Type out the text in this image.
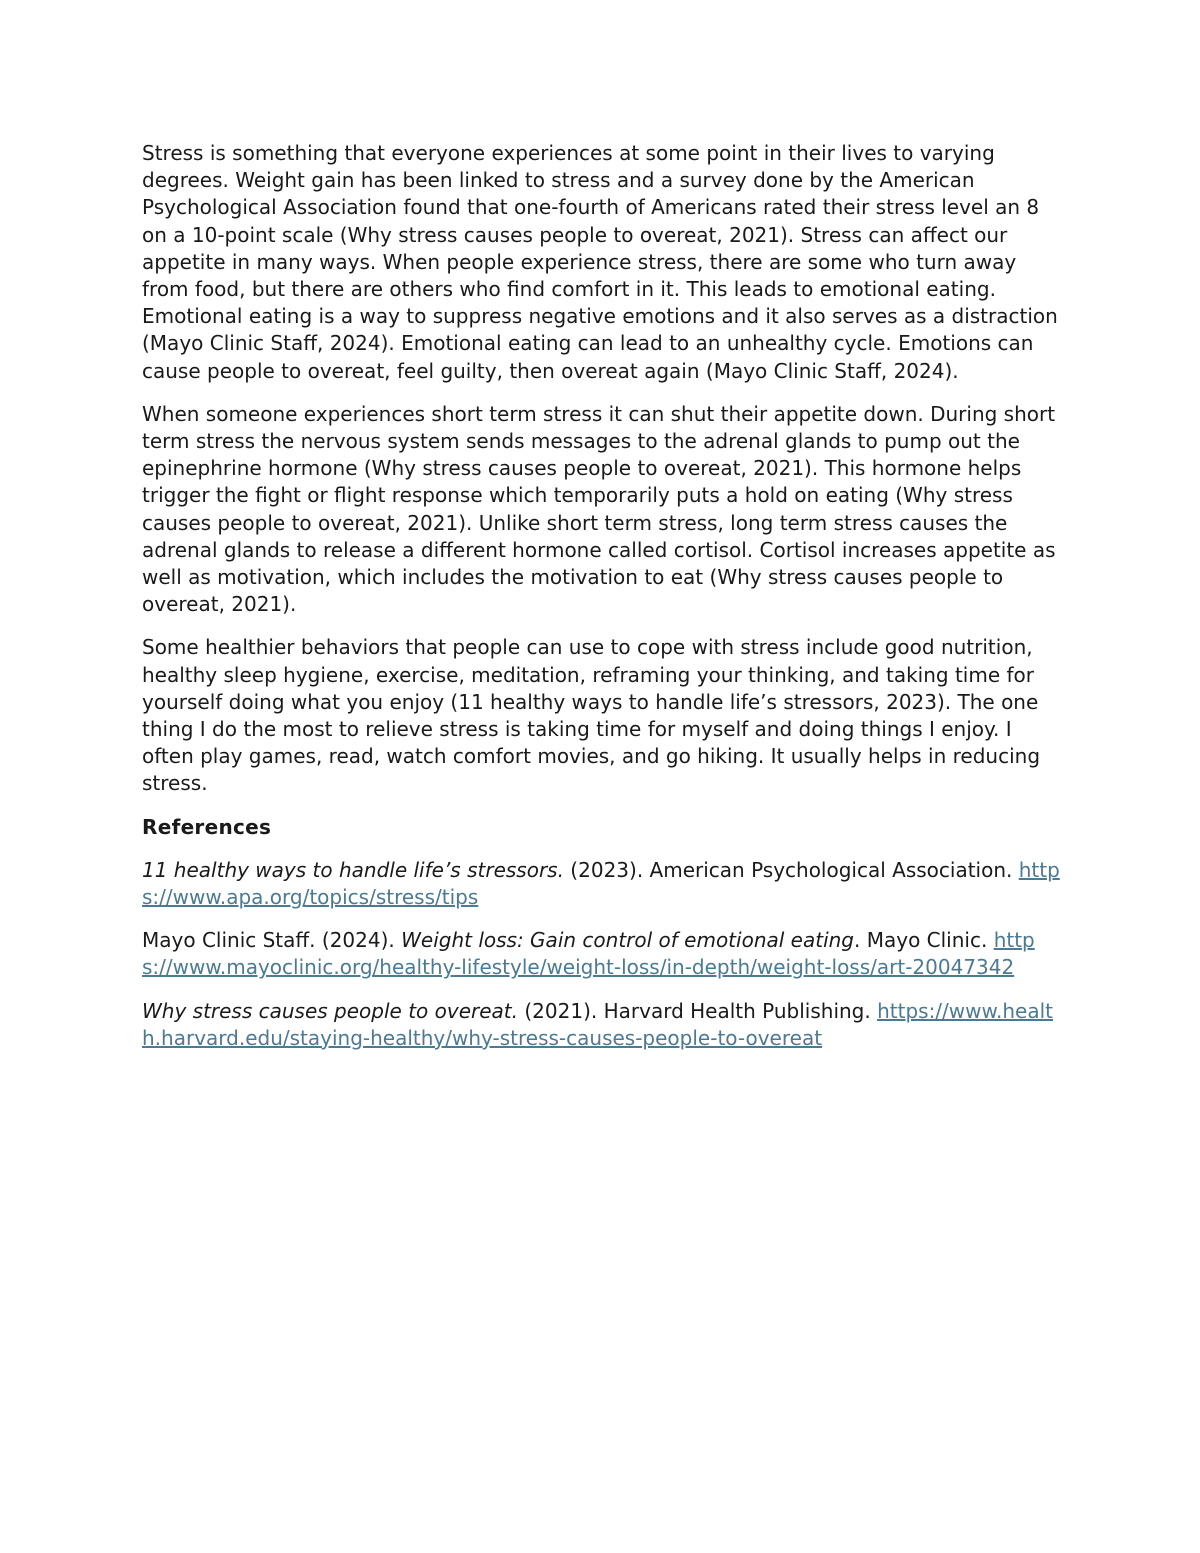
Stress is something that everyone experiences at some point in their lives to varying degrees. Weight gain has been linked to stress and a survey done by the American Psychological Association found that one-fourth of Americans rated their stress level an 8 on a 10-point scale (Why stress causes people to overeat, 2021). Stress can affect our appetite in many ways. When people experience stress, there are some who turn away from food, but there are others who find comfort in it. This leads to emotional eating. Emotional eating is a way to suppress negative emotions and it also serves as a distraction (Mayo Clinic Staff, 2024). Emotional eating can lead to an unhealthy cycle. Emotions can cause people to overeat, feel guilty, then overeat again (Mayo Clinic Staff, 2024).

When someone experiences short term stress it can shut their appetite down. During short term stress the nervous system sends messages to the adrenal glands to pump out the epinephrine hormone (Why stress causes people to overeat, 2021). This hormone helps trigger the fight or flight response which temporarily puts a hold on eating (Why stress causes people to overeat, 2021). Unlike short term stress, long term stress causes the adrenal glands to release a different hormone called cortisol. Cortisol increases appetite as well as motivation, which includes the motivation to eat (Why stress causes people to overeat, 2021).

Some healthier behaviors that people can use to cope with stress include good nutrition, healthy sleep hygiene, exercise, meditation, reframing your thinking, and taking time for yourself doing what you enjoy (11 healthy ways to handle life’s stressors, 2023). The one thing I do the most to relieve stress is taking time for myself and doing things I enjoy. I often play games, read, watch comfort movies, and go hiking. It usually helps in reducing stress.

References

11 healthy ways to handle life’s stressors. (2023). American Psychological Association. https://www.apa.org/topics/stress/tips

Mayo Clinic Staff. (2024). Weight loss: Gain control of emotional eating. Mayo Clinic. https://www.mayoclinic.org/healthy-lifestyle/weight-loss/in-depth/weight-loss/art-20047342

Why stress causes people to overeat. (2021). Harvard Health Publishing. https://www.health.harvard.edu/staying-healthy/why-stress-causes-people-to-overeat
